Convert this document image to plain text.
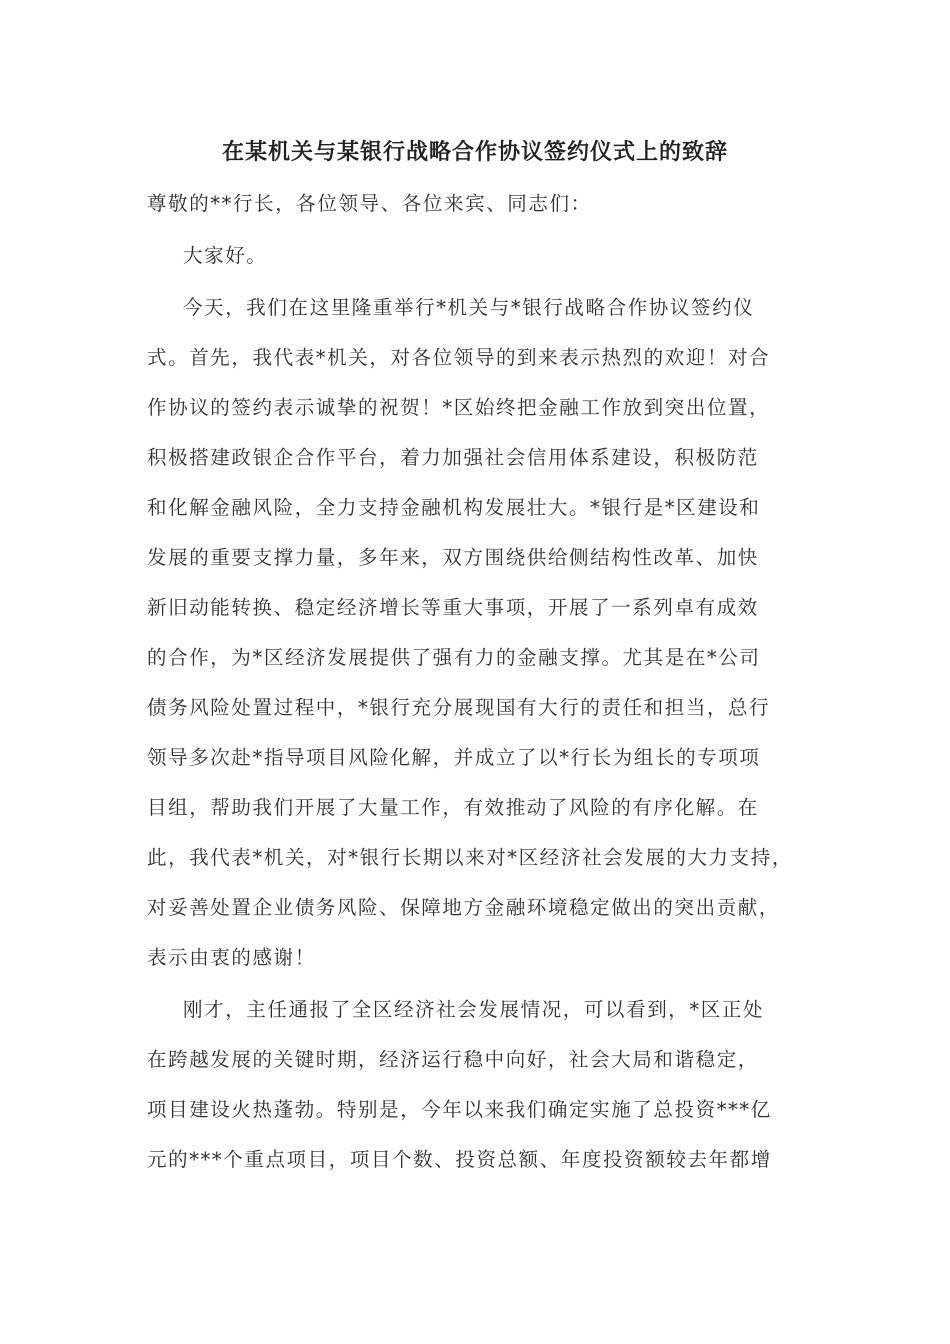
在某机关与某银行战略合作协议签约仪式上的致辞
尊敬的**行长，各位领导、各位来宾、同志们：
大家好。
今天，我们在这里隆重举行*机关与*银行战略合作协议签约仪
式。首先，我代表*机关，对各位领导的到来表示热烈的欢迎！对合
作协议的签约表示诚挚的祝贺！*区始终把金融工作放到突出位置，
积极搭建政银企合作平台，着力加强社会信用体系建设，积极防范
和化解金融风险，全力支持金融机构发展壮大。*银行是*区建设和
发展的重要支撑力量，多年来，双方围绕供给侧结构性改革、加快
新旧动能转换、稳定经济增长等重大事项，开展了一系列卓有成效
的合作，为*区经济发展提供了强有力的金融支撑。尤其是在*公司
债务风险处置过程中，*银行充分展现国有大行的责任和担当，总行
领导多次赴*指导项目风险化解，并成立了以*行长为组长的专项项
目组，帮助我们开展了大量工作，有效推动了风险的有序化解。在
此，我代表*机关，对*银行长期以来对*区经济社会发展的大力支持，
对妥善处置企业债务风险、保障地方金融环境稳定做出的突出贡献，
表示由衷的感谢！
刚才，主任通报了全区经济社会发展情况，可以看到，*区正处
在跨越发展的关键时期，经济运行稳中向好，社会大局和谐稳定，
项目建设火热蓬勃。特别是，今年以来我们确定实施了总投资***亿
元的***个重点项目，项目个数、投资总额、年度投资额较去年都增
